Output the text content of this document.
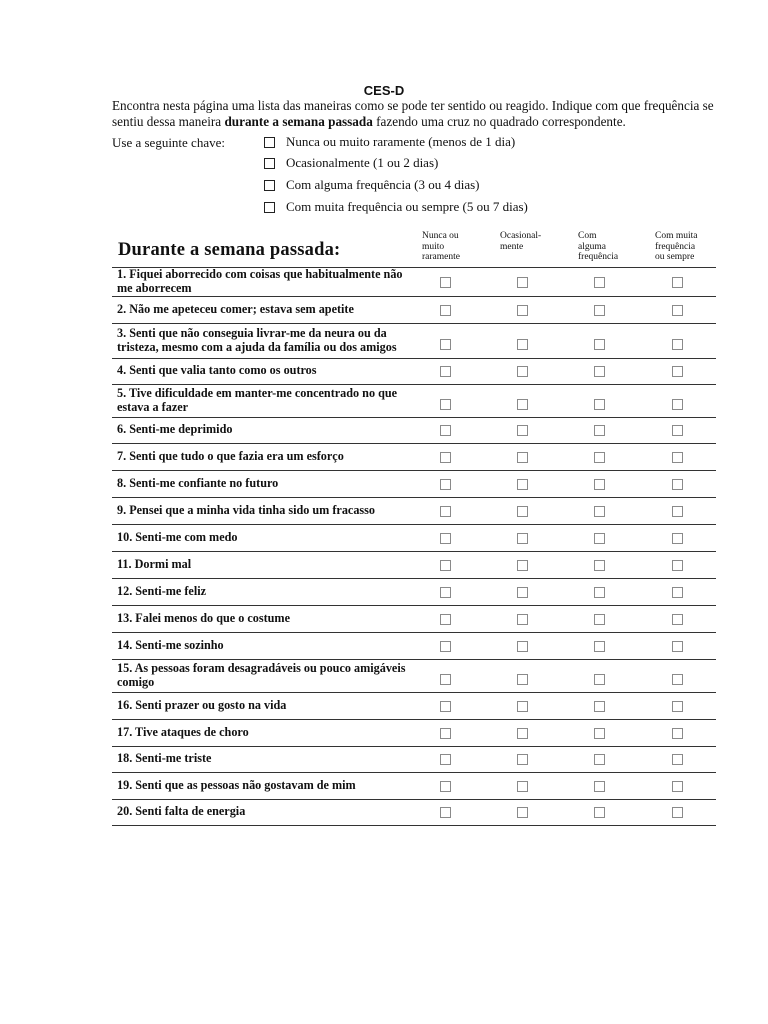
CES-D
Encontra nesta página uma lista das maneiras como se pode ter sentido ou reagido. Indique com que frequência se sentiu dessa maneira durante a semana passada fazendo uma cruz no quadrado correspondente.
Use a seguinte chave:	Nunca ou muito raramente (menos de 1 dia)
Ocasionalmente (1 ou 2 dias)
Com alguma frequência (3 ou 4 dias)
Com muita frequência ou sempre (5 ou 7 dias)
Durante a semana passada:
Nunca ou
muito
raramente
Ocasional-
mente
Com
alguma
frequência
Com muita
frequência
ou sempre
1. Fiquei aborrecido com coisas que habitualmente não me aborrecem
2. Não me apeteceu comer; estava sem apetite
3. Senti que não conseguia livrar-me da neura ou da tristeza, mesmo com a ajuda da família ou dos amigos
4. Senti que valia tanto como os outros
5. Tive dificuldade em manter-me concentrado no que estava a fazer
6. Senti-me deprimido
7. Senti que tudo o que fazia era um esforço
8. Senti-me confiante no futuro
9. Pensei que a minha vida tinha sido um fracasso
10. Senti-me com medo
11. Dormi mal
12. Senti-me feliz
13. Falei menos do que o costume
14. Senti-me sozinho
15. As pessoas foram desagradáveis ou pouco amigáveis comigo
16. Senti prazer ou gosto na vida
17. Tive ataques de choro
18. Senti-me triste
19. Senti que as pessoas não gostavam de mim
20. Senti falta de energia
